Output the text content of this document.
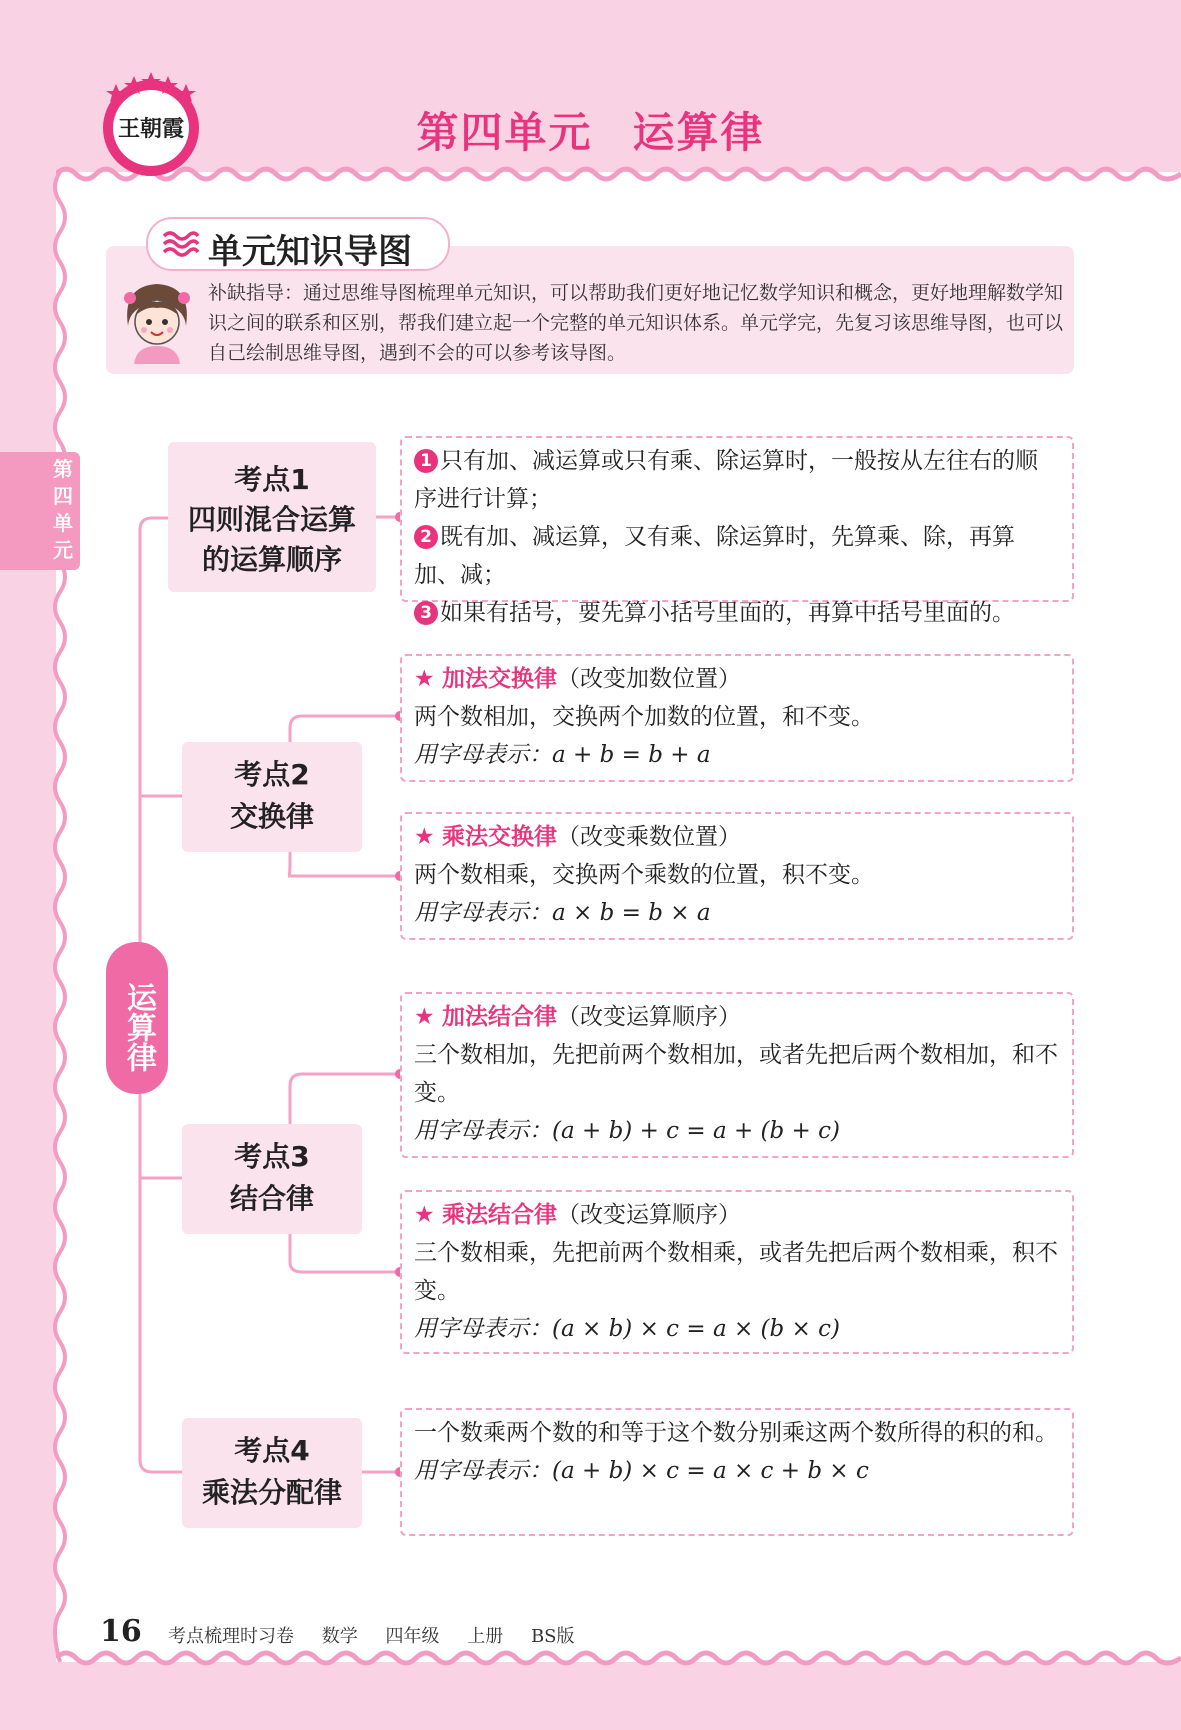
王朝霞	第四单元 运算律
第四单元
单元知识导图
补缺指导：通过思维导图梳理单元知识，可以帮助我们更好地记忆数学知识和概念，更好地理解数学知识之间的联系和区别，帮我们建立起一个完整的单元知识体系。单元学完，先复习该思维导图，也可以自己绘制思维导图，遇到不会的可以参考该导图。
运算律
考点1
四则混合运算
的运算顺序
1 只有加、减运算或只有乘、除运算时，一般按从左往右的顺序进行计算；
2 既有加、减运算，又有乘、除运算时，先算乘、除，再算加、减；
3 如果有括号，要先算小括号里面的，再算中括号里面的。
考点2
交换律
★ 加法交换律（改变加数位置）
两个数相加，交换两个加数的位置，和不变。
用字母表示：a + b = b + a
★ 乘法交换律（改变乘数位置）
两个数相乘，交换两个乘数的位置，积不变。
用字母表示：a × b = b × a
考点3
结合律
★ 加法结合律（改变运算顺序）
三个数相加，先把前两个数相加，或者先把后两个数相加，和不变。
用字母表示：(a + b) + c = a + (b + c)
★ 乘法结合律（改变运算顺序）
三个数相乘，先把前两个数相乘，或者先把后两个数相乘，积不变。
用字母表示：(a × b) × c = a × (b × c)
考点4
乘法分配律
一个数乘两个数的和等于这个数分别乘这两个数所得的积的和。
用字母表示：(a + b) × c = a × c + b × c
16 考点梳理时习卷 数学 四年级 上册 BS版
